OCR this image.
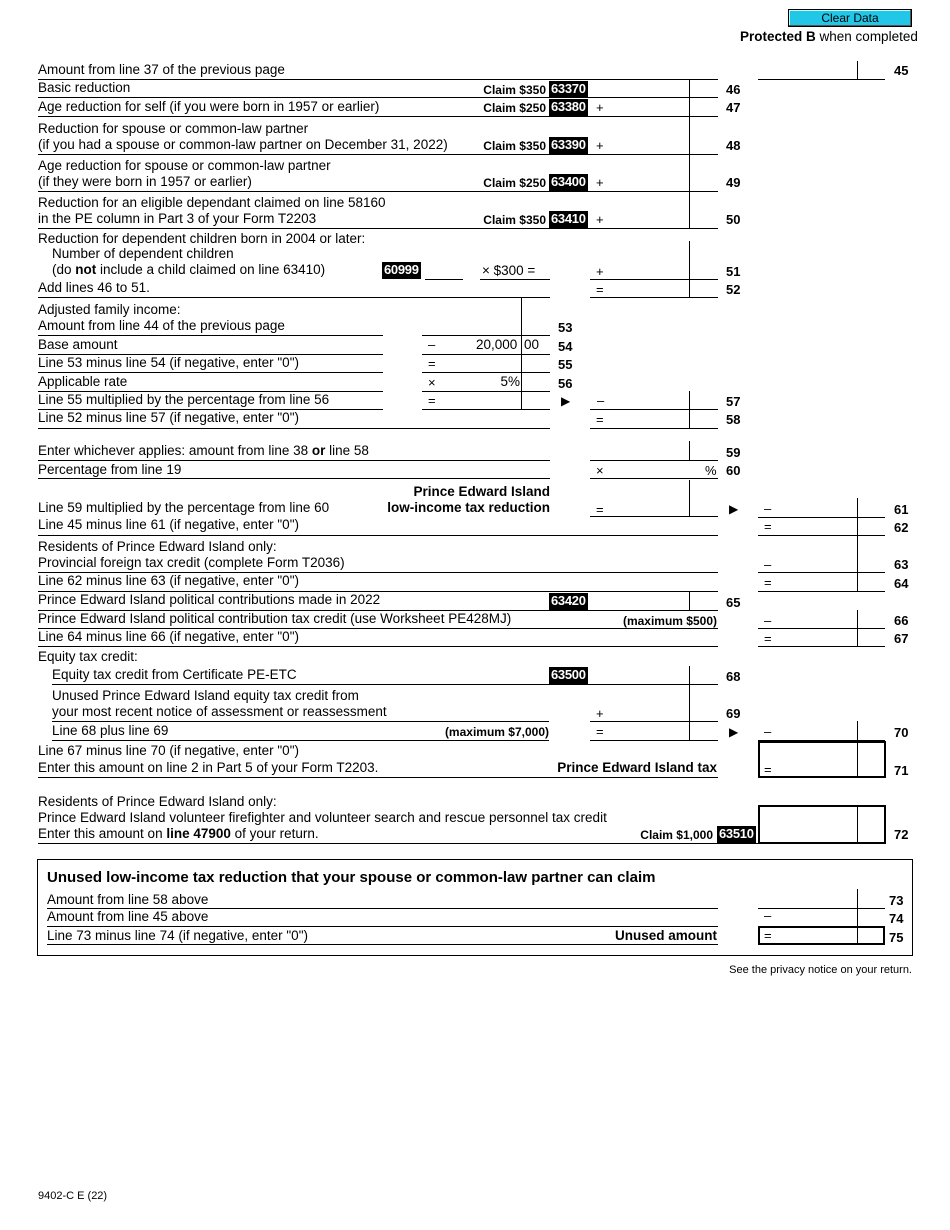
Clear Data
Protected B when completed
Amount from line 37 of the previous page	45
Basic reduction	Claim $350 63370	46
Age reduction for self (if you were born in 1957 or earlier)	Claim $250 63380 +	47
Reduction for spouse or common-law partner
(if you had a spouse or common-law partner on December 31, 2022)	Claim $350 63390 +	48
Age reduction for spouse or common-law partner
(if they were born in 1957 or earlier)	Claim $250 63400 +	49
Reduction for an eligible dependant claimed on line 58160
in the PE column in Part 3 of your Form T2203	Claim $350 63410 +	50
Reduction for dependent children born in 2004 or later:
Number of dependent children
(do not include a child claimed on line 63410)	60999	× $300 =	+	51
Add lines 46 to 51.	=	52
Adjusted family income:
Amount from line 44 of the previous page	53
Base amount	–	20,000 00 54
Line 53 minus line 54 (if negative, enter "0")	=	55
Applicable rate	×	5%	56
Line 55 multiplied by the percentage from line 56	=	▶ –	57
Line 52 minus line 57 (if negative, enter "0")	=	58
Enter whichever applies: amount from line 38 or line 58	59
Percentage from line 19	×	% 60
Prince Edward Island
Line 59 multiplied by the percentage from line 60	low-income tax reduction	=	▶ –	61
Line 45 minus line 61 (if negative, enter "0")	=	62
Residents of Prince Edward Island only:
Provincial foreign tax credit (complete Form T2036)	–	63
Line 62 minus line 63 (if negative, enter "0")	=	64
Prince Edward Island political contributions made in 2022	63420	65
Prince Edward Island political contribution tax credit (use Worksheet PE428MJ)	(maximum $500)	–	66
Line 64 minus line 66 (if negative, enter "0")	=	67
Equity tax credit:
Equity tax credit from Certificate PE-ETC	63500	68
Unused Prince Edward Island equity tax credit from
your most recent notice of assessment or reassessment	+	69
Line 68 plus line 69	(maximum $7,000)	=	▶ –	70
Line 67 minus line 70 (if negative, enter "0")
Enter this amount on line 2 in Part 5 of your Form T2203.	Prince Edward Island tax	=	71
Residents of Prince Edward Island only:
Prince Edward Island volunteer firefighter and volunteer search and rescue personnel tax credit
Enter this amount on line 47900 of your return.	Claim $1,000 63510	72
Unused low-income tax reduction that your spouse or common-law partner can claim
Amount from line 58 above	73
Amount from line 45 above	–	74
Line 73 minus line 74 (if negative, enter "0")	Unused amount	=	75
See the privacy notice on your return.
9402-C E (22)
